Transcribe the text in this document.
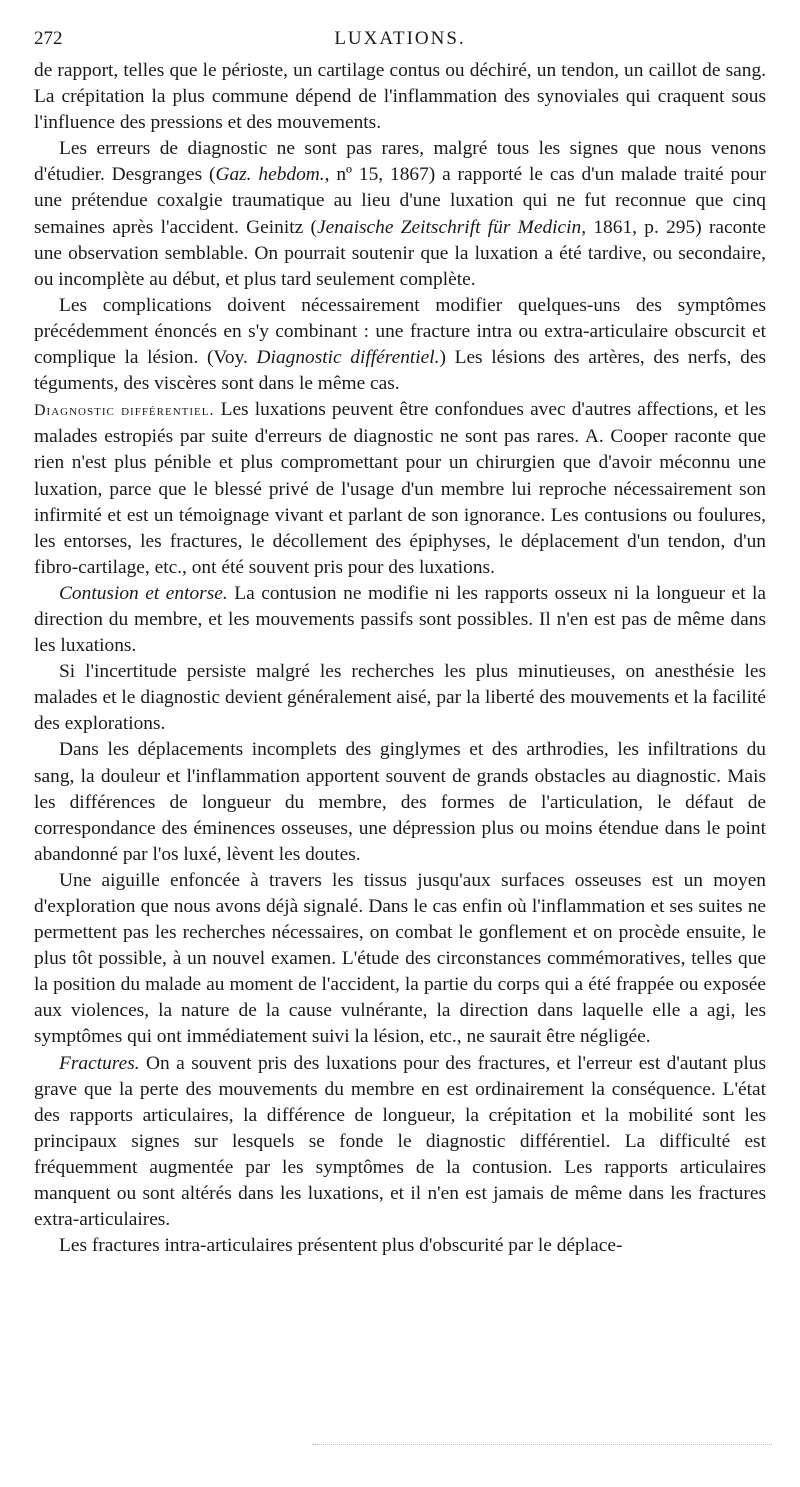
272	LUXATIONS.

de rapport, telles que le périoste, un cartilage contus ou déchiré, un tendon, un caillot de sang. La crépitation la plus commune dépend de l'inflammation des synoviales qui craquent sous l'influence des pressions et des mouvements.

Les erreurs de diagnostic ne sont pas rares, malgré tous les signes que nous venons d'étudier. Desgranges (Gaz. hebdom., nº 15, 1867) a rapporté le cas d'un malade traité pour une prétendue coxalgie traumatique au lieu d'une luxation qui ne fut reconnue que cinq semaines après l'accident. Geinitz (Jenaische Zeitschrift für Medicin, 1861, p. 295) raconte une observation semblable. On pourrait soutenir que la luxation a été tardive, ou secondaire, ou incomplète au début, et plus tard seulement complète.

Les complications doivent nécessairement modifier quelques-uns des symptômes précédemment énoncés en s'y combinant : une fracture intra ou extra-articulaire obscurcit et complique la lésion. (Voy. Diagnostic différentiel.) Les lésions des artères, des nerfs, des téguments, des viscères sont dans le même cas.

Diagnostic différentiel. Les luxations peuvent être confondues avec d'autres affections, et les malades estropiés par suite d'erreurs de diagnostic ne sont pas rares. A. Cooper raconte que rien n'est plus pénible et plus compromettant pour un chirurgien que d'avoir méconnu une luxation, parce que le blessé privé de l'usage d'un membre lui reproche nécessairement son infirmité et est un témoignage vivant et parlant de son ignorance. Les contusions ou foulures, les entorses, les fractures, le décollement des épiphyses, le déplacement d'un tendon, d'un fibro-cartilage, etc., ont été souvent pris pour des luxations.

Contusion et entorse. La contusion ne modifie ni les rapports osseux ni la longueur et la direction du membre, et les mouvements passifs sont possibles. Il n'en est pas de même dans les luxations.

Si l'incertitude persiste malgré les recherches les plus minutieuses, on anesthésie les malades et le diagnostic devient généralement aisé, par la liberté des mouvements et la facilité des explorations.

Dans les déplacements incomplets des ginglymes et des arthrodies, les infiltrations du sang, la douleur et l'inflammation apportent souvent de grands obstacles au diagnostic. Mais les différences de longueur du membre, des formes de l'articulation, le défaut de correspondance des éminences osseuses, une dépression plus ou moins étendue dans le point abandonné par l'os luxé, lèvent les doutes.

Une aiguille enfoncée à travers les tissus jusqu'aux surfaces osseuses est un moyen d'exploration que nous avons déjà signalé. Dans le cas enfin où l'inflammation et ses suites ne permettent pas les recherches nécessaires, on combat le gonflement et on procède ensuite, le plus tôt possible, à un nouvel examen. L'étude des circonstances commémoratives, telles que la position du malade au moment de l'accident, la partie du corps qui a été frappée ou exposée aux violences, la nature de la cause vulnérante, la direction dans laquelle elle a agi, les symptômes qui ont immédiatement suivi la lésion, etc., ne saurait être négligée.

Fractures. On a souvent pris des luxations pour des fractures, et l'erreur est d'autant plus grave que la perte des mouvements du membre en est ordinairement la conséquence. L'état des rapports articulaires, la différence de longueur, la crépitation et la mobilité sont les principaux signes sur lesquels se fonde le diagnostic différentiel. La difficulté est fréquemment augmentée par les symptômes de la contusion. Les rapports articulaires manquent ou sont altérés dans les luxations, et il n'en est jamais de même dans les fractures extra-articulaires.

Les fractures intra-articulaires présentent plus d'obscurité par le déplace-
